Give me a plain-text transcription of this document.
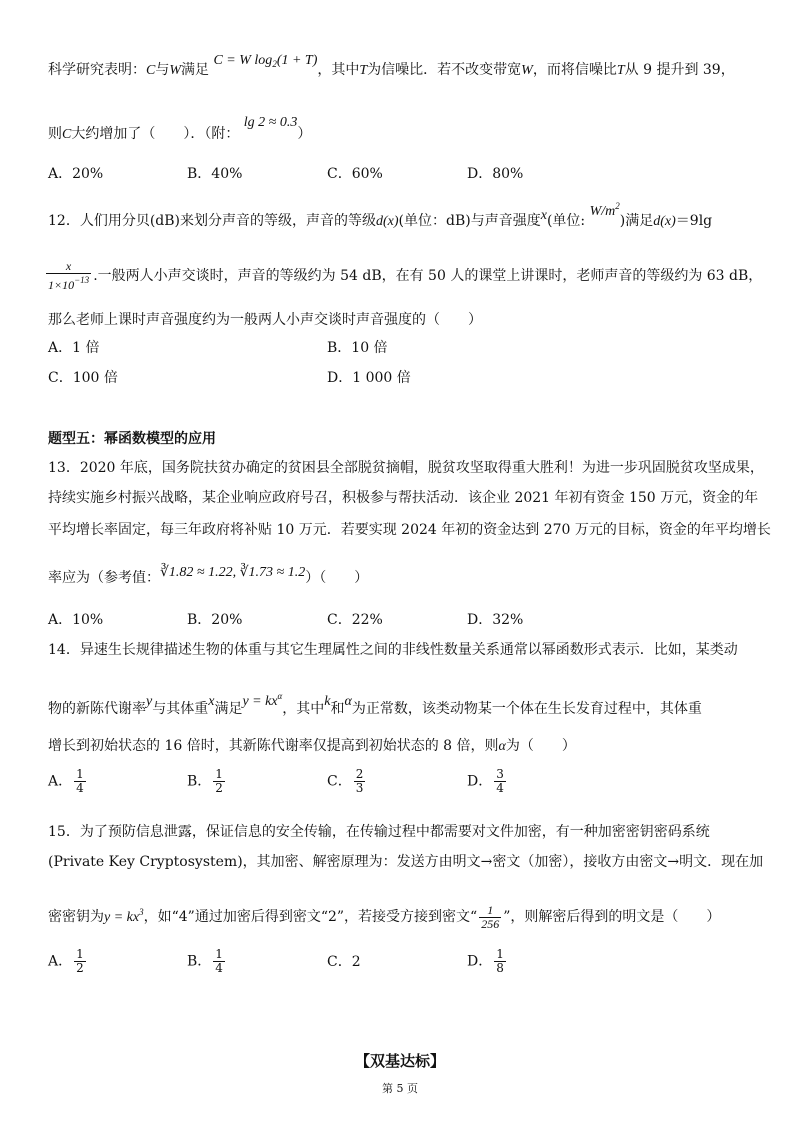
科学研究表明：C与W满足 C = W $\log_2(1 + T)$，其中T为信噪比．若不改变带宽W，而将信噪比T从 9 提升到 39，
则C大约增加了（　　）．（附： lg 2 ≈ 0.3）
A．20%	B．40%	C．60%	D．80%
12．人们用分贝(dB)来划分声音的等级，声音的等级d(x)(单位：dB)与声音强度x(单位: $W/m^2$)满足d(x)＝9lg
$\frac{x}{1\times 10^{-13}}$ .一般两人小声交谈时，声音的等级约为 54 dB，在有 50 人的课堂上讲课时，老师声音的等级约为 63 dB，
那么老师上课时声音强度约为一般两人小声交谈时声音强度的（　　）
A．1 倍	B．10 倍
C．100 倍	D．1 000 倍
题型五：幂函数模型的应用
13．2020 年底，国务院扶贫办确定的贫困县全部脱贫摘帽，脱贫攻坚取得重大胜利！为进一步巩固脱贫攻坚成果，
持续实施乡村振兴战略，某企业响应政府号召，积极参与帮扶活动．该企业 2021 年初有资金 150 万元，资金的年
平均增长率固定，每三年政府将补贴 10 万元．若要实现 2024 年初的资金达到 270 万元的目标，资金的年平均增长
率应为（参考值：∛1.82 ≈ 1.22, ∛1.73 ≈ 1.2）（　　）
A．10%	B．20%	C．22%	D．32%
14．异速生长规律描述生物的体重与其它生理属性之间的非线性数量关系通常以幂函数形式表示．比如，某类动
物的新陈代谢率y与其体重x满足$y = kx^\alpha$，其中k和α为正常数，该类动物某一个体在生长发育过程中，其体重
增长到初始状态的 16 倍时，其新陈代谢率仅提高到初始状态的 8 倍，则α为（　　）
A． $\frac{1}{4}$	B． $\frac{1}{2}$	C． $\frac{2}{3}$	D． $\frac{3}{4}$
15．为了预防信息泄露，保证信息的安全传输，在传输过程中都需要对文件加密，有一种加密密钥密码系统
(Private Key Cryptosystem)，其加密、解密原理为：发送方由明文→密文（加密），接收方由密文→明文．现在加
密密钥为$y = kx^3$，如“4”通过加密后得到密文“2”，若接受方接到密文“ $\frac{1}{256}$ ”，则解密后得到的明文是（　　）
A． $\frac{1}{2}$	B． $\frac{1}{4}$	C．2	D． $\frac{1}{8}$
【双基达标】
第 5 页
